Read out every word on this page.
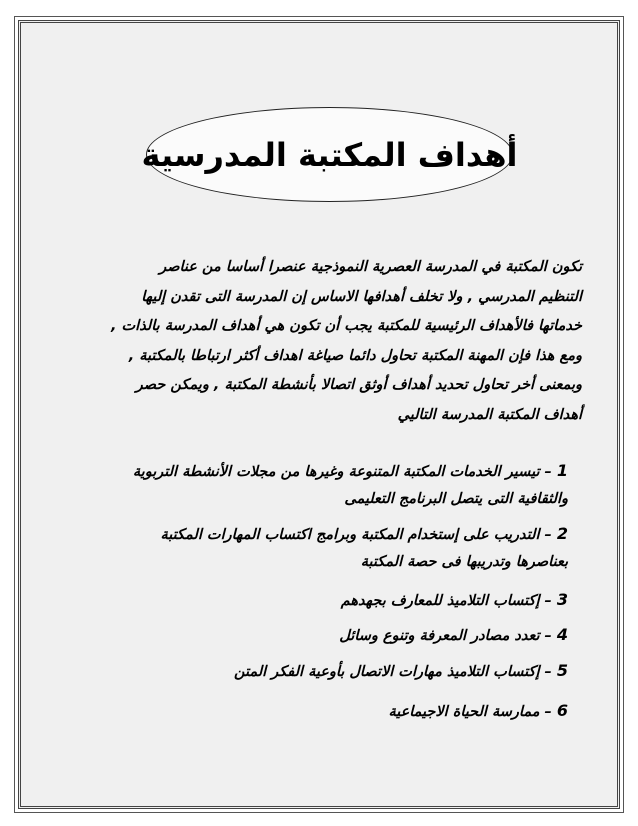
أهداف المكتبة المدرسية
تكون المكتبة في المدرسة العصرية النموذجية عنصرا أساسا من عناصر
التنظيم المدرسي , ولا تخلف أهدافها الاساس إن المدرسة التى تقدن إليها
خدماتها فالأهداف الرئيسية للمكتبة يجب أن تكون هي أهداف المدرسة بالذات ,
ومع هذا فإن المهنة المكتبة تحاول دائما صياغة اهداف أكثر ارتباطا بالمكتبة ,
وبمعنى أخر تحاول تحديد أهداف أوثق اتصالا بأنشطة المكتبة , ويمكن حصر
أهداف المكتبة المدرسة التاليي
1 – تيسير الخدمات المكتبة المتنوعة وغيرها من مجلات الأنشطة التربوية
والثقافية التى يتصل البرنامج التعليمى
2 – التدريب على إستخدام المكتبة وبرامج اكتساب المهارات المكتبة
بعناصرها وتدريبها فى حصة المكتبة
3 – إكتساب التلاميذ للمعارف بجهدهم
4 – تعدد مصادر المعرفة وتنوع وسائل
5 – إكتساب التلاميذ مهارات الاتصال بأوعية الفكر المتن
6 – ممارسة الحياة الاجيماعية
